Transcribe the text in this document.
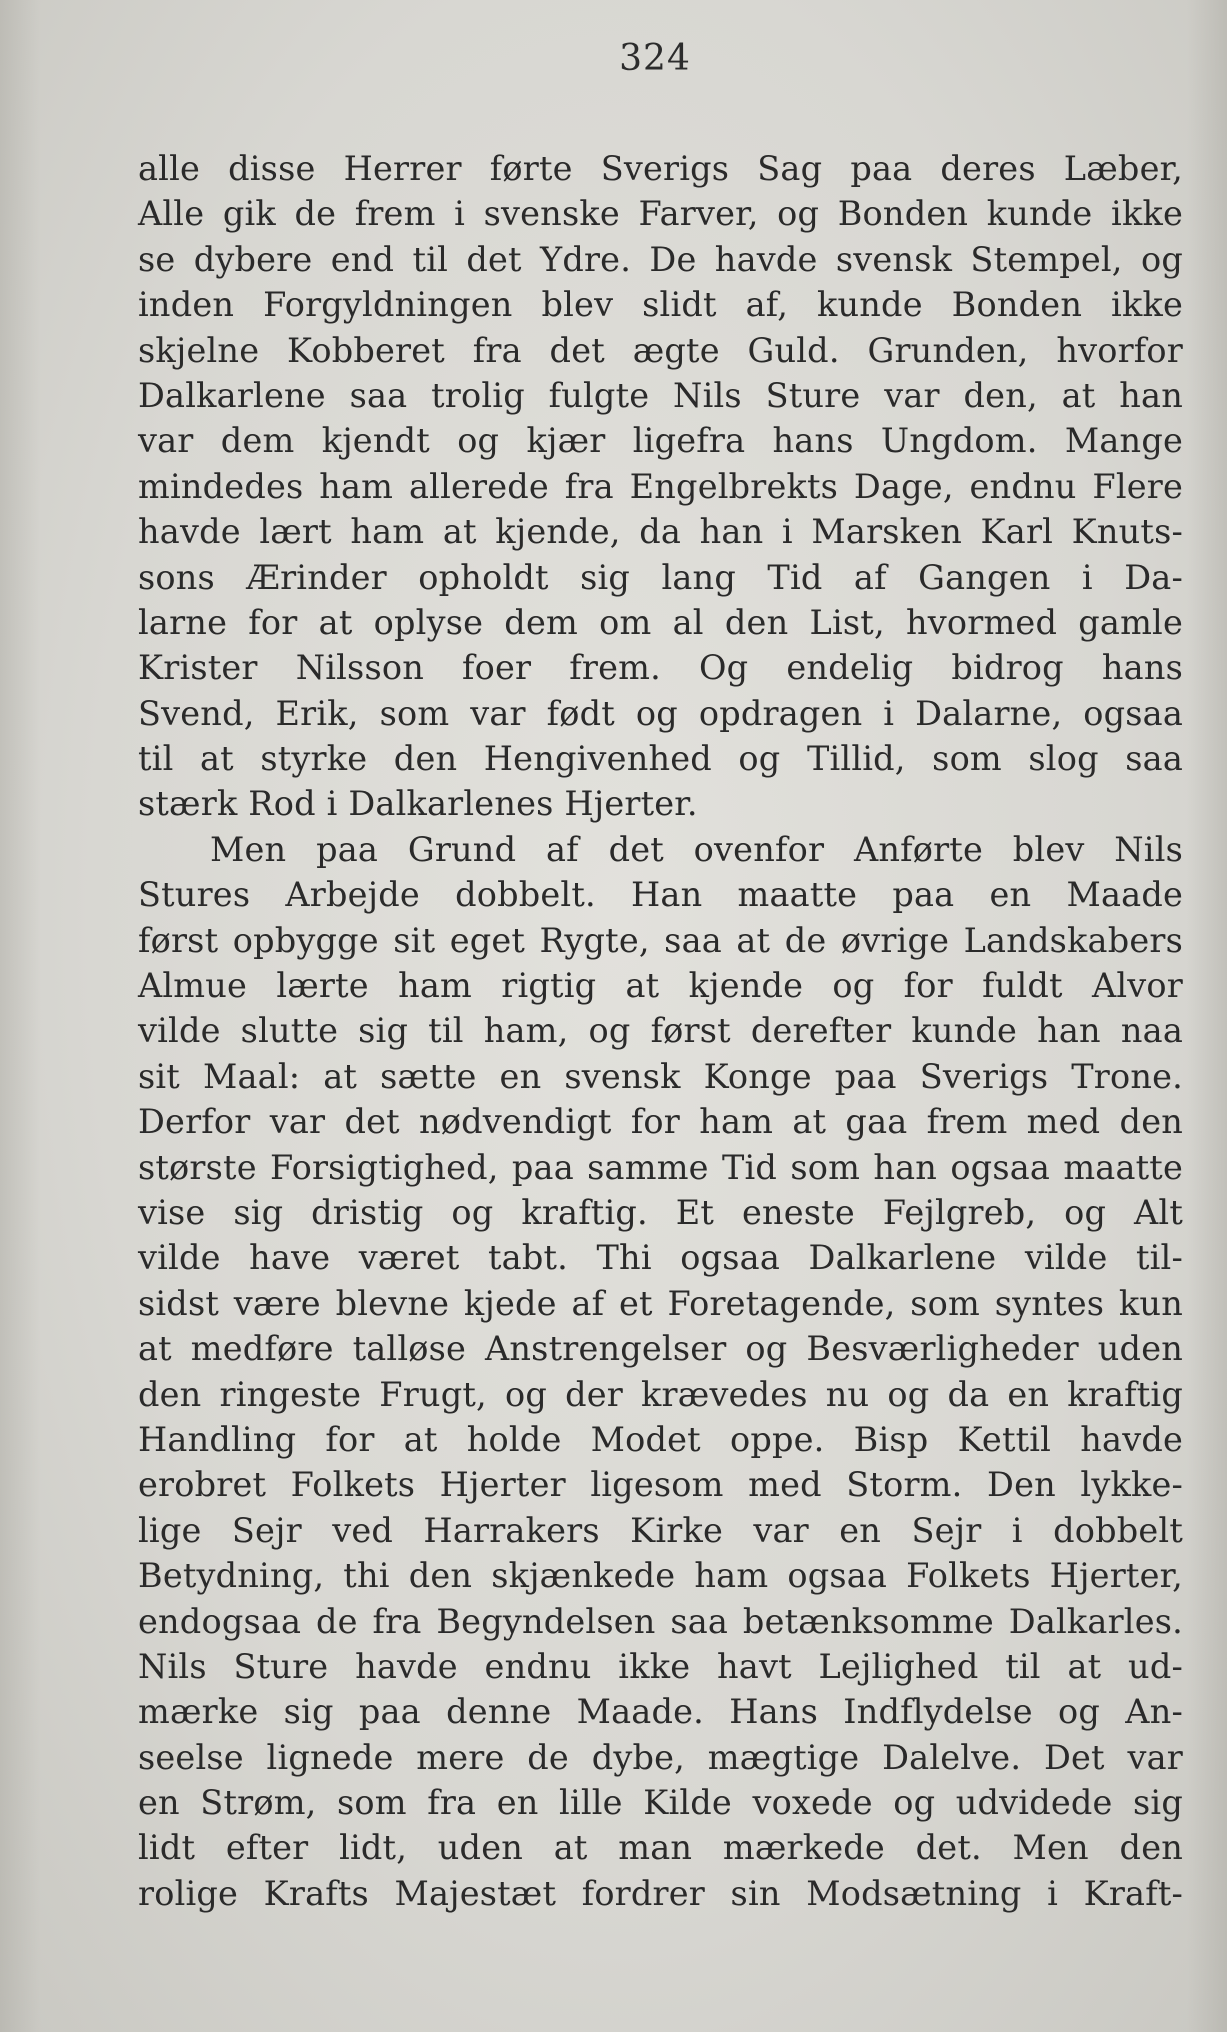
324
alle disse Herrer førte Sverigs Sag paa deres Læber,
Alle gik de frem i svenske Farver, og Bonden kunde ikke
se dybere end til det Ydre. De havde svensk Stempel, og
inden Forgyldningen blev slidt af, kunde Bonden ikke
skjelne Kobberet fra det ægte Guld. Grunden, hvorfor
Dalkarlene saa trolig fulgte Nils Sture var den, at han
var dem kjendt og kjær ligefra hans Ungdom. Mange
mindedes ham allerede fra Engelbrekts Dage, endnu Flere
havde lært ham at kjende, da han i Marsken Karl Knuts-
sons Ærinder opholdt sig lang Tid af Gangen i Da-
larne for at oplyse dem om al den List, hvormed gamle
Krister Nilsson foer frem. Og endelig bidrog hans
Svend, Erik, som var født og opdragen i Dalarne, ogsaa
til at styrke den Hengivenhed og Tillid, som slog saa
stærk Rod i Dalkarlenes Hjerter.
Men paa Grund af det ovenfor Anførte blev Nils
Stures Arbejde dobbelt. Han maatte paa en Maade
først opbygge sit eget Rygte, saa at de øvrige Landskabers
Almue lærte ham rigtig at kjende og for fuldt Alvor
vilde slutte sig til ham, og først derefter kunde han naa
sit Maal: at sætte en svensk Konge paa Sverigs Trone.
Derfor var det nødvendigt for ham at gaa frem med den
største Forsigtighed, paa samme Tid som han ogsaa maatte
vise sig dristig og kraftig. Et eneste Fejlgreb, og Alt
vilde have været tabt. Thi ogsaa Dalkarlene vilde til-
sidst være blevne kjede af et Foretagende, som syntes kun
at medføre talløse Anstrengelser og Besværligheder uden
den ringeste Frugt, og der krævedes nu og da en kraftig
Handling for at holde Modet oppe. Bisp Kettil havde
erobret Folkets Hjerter ligesom med Storm. Den lykke-
lige Sejr ved Harrakers Kirke var en Sejr i dobbelt
Betydning, thi den skjænkede ham ogsaa Folkets Hjerter,
endogsaa de fra Begyndelsen saa betænksomme Dalkarles.
Nils Sture havde endnu ikke havt Lejlighed til at ud-
mærke sig paa denne Maade. Hans Indflydelse og An-
seelse lignede mere de dybe, mægtige Dalelve. Det var
en Strøm, som fra en lille Kilde voxede og udvidede sig
lidt efter lidt, uden at man mærkede det. Men den
rolige Krafts Majestæt fordrer sin Modsætning i Kraft-
